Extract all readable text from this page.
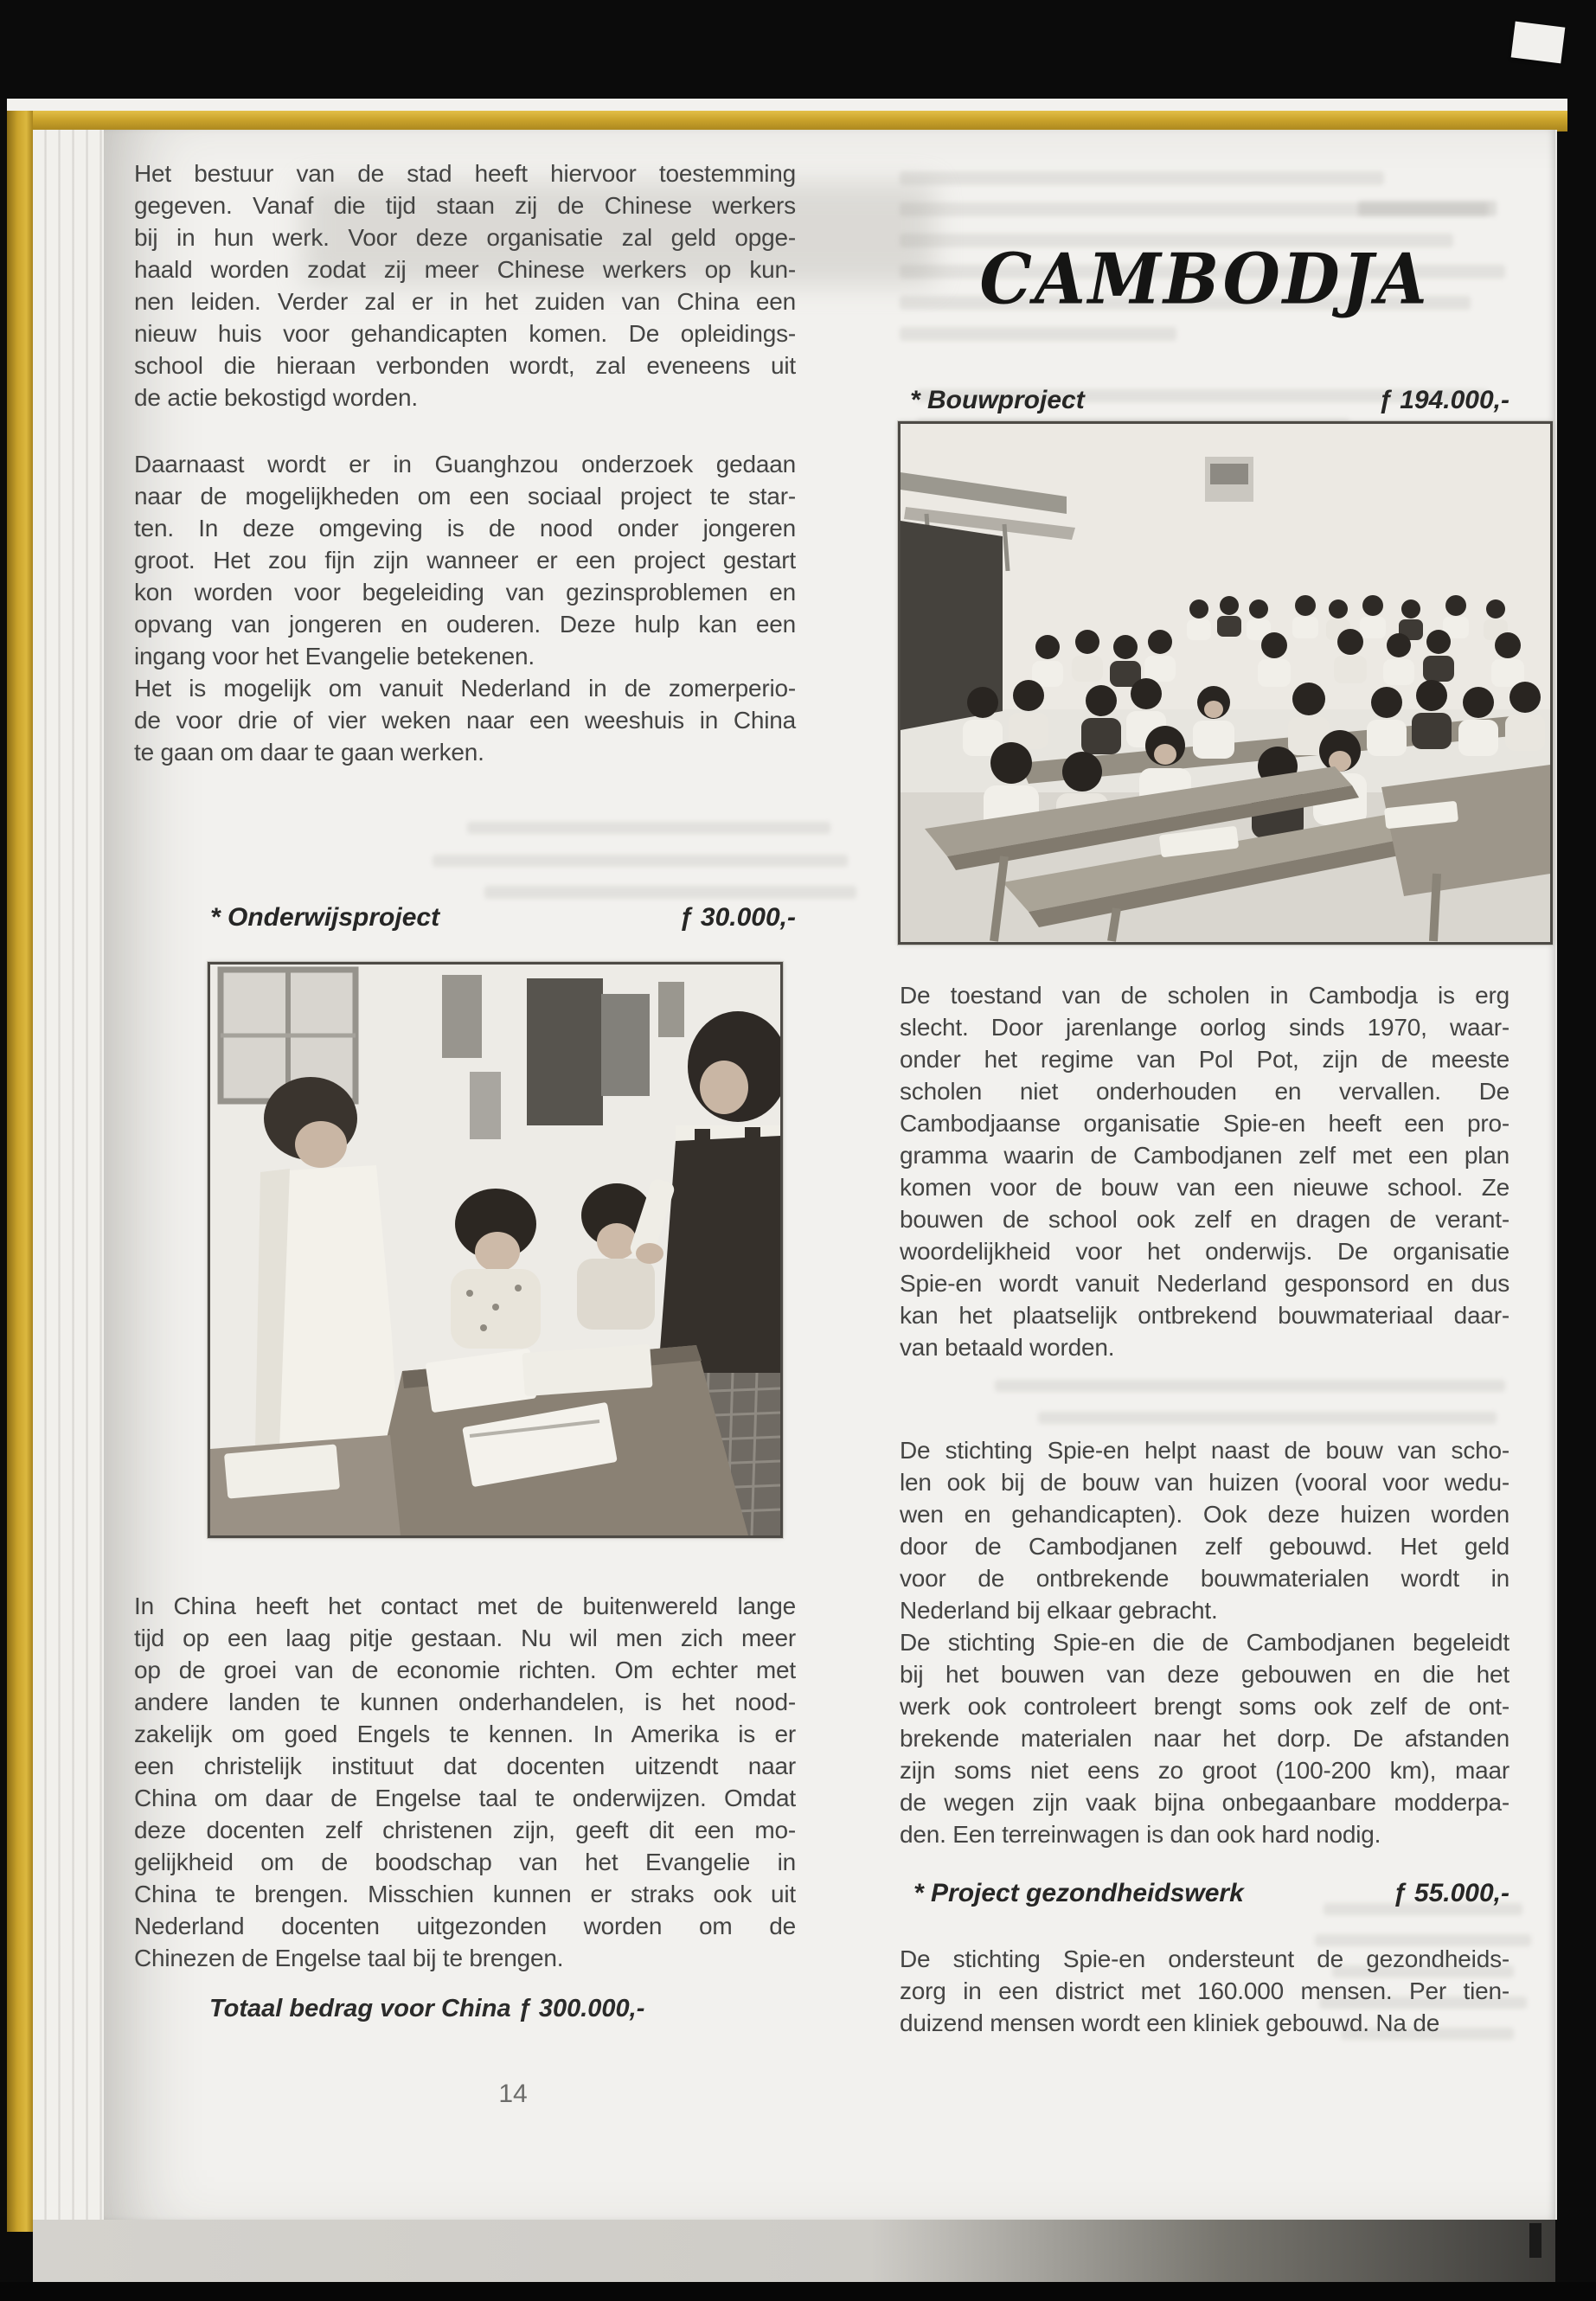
Het bestuur van de stad heeft hiervoor toestemming
gegeven. Vanaf die tijd staan zij de Chinese werkers
bij in hun werk. Voor deze organisatie zal geld opge-
haald worden zodat zij meer Chinese werkers op kun-
nen leiden. Verder zal er in het zuiden van China een
nieuw huis voor gehandicapten komen. De opleidings-
school die hieraan verbonden wordt, zal eveneens uit
de actie bekostigd worden.
Daarnaast wordt er in Guanghzou onderzoek gedaan
naar de mogelijkheden om een sociaal project te star-
ten. In deze omgeving is de nood onder jongeren
groot. Het zou fijn zijn wanneer er een project gestart
kon worden voor begeleiding van gezinsproblemen en
opvang van jongeren en ouderen. Deze hulp kan een
ingang voor het Evangelie betekenen.
Het is mogelijk om vanuit Nederland in de zomerperio-
de voor drie of vier weken naar een weeshuis in China
te gaan om daar te gaan werken.
* Onderwijsproject	ƒ 30.000,-
In China heeft het contact met de buitenwereld lange
tijd op een laag pitje gestaan. Nu wil men zich meer
op de groei van de economie richten. Om echter met
andere landen te kunnen onderhandelen, is het nood-
zakelijk om goed Engels te kennen. In Amerika is er
een christelijk instituut dat docenten uitzendt naar
China om daar de Engelse taal te onderwijzen. Omdat
deze docenten zelf christenen zijn, geeft dit een mo-
gelijkheid om de boodschap van het Evangelie in
China te brengen. Misschien kunnen er straks ook uit
Nederland docenten uitgezonden worden om de
Chinezen de Engelse taal bij te brengen.
Totaal bedrag voor China ƒ 300.000,-
14
CAMBODJA
* Bouwproject	ƒ 194.000,-
De toestand van de scholen in Cambodja is erg
slecht. Door jarenlange oorlog sinds 1970, waar-
onder het regime van Pol Pot, zijn de meeste
scholen niet onderhouden en vervallen. De
Cambodjaanse organisatie Spie-en heeft een pro-
gramma waarin de Cambodjanen zelf met een plan
komen voor de bouw van een nieuwe school. Ze
bouwen de school ook zelf en dragen de verant-
woordelijkheid voor het onderwijs. De organisatie
Spie-en wordt vanuit Nederland gesponsord en dus
kan het plaatselijk ontbrekend bouwmateriaal daar-
van betaald worden.
De stichting Spie-en helpt naast de bouw van scho-
len ook bij de bouw van huizen (vooral voor wedu-
wen en gehandicapten). Ook deze huizen worden
door de Cambodjanen zelf gebouwd. Het geld
voor de ontbrekende bouwmaterialen wordt in
Nederland bij elkaar gebracht.
De stichting Spie-en die de Cambodjanen begeleidt
bij het bouwen van deze gebouwen en die het
werk ook controleert brengt soms ook zelf de ont-
brekende materialen naar het dorp. De afstanden
zijn soms niet eens zo groot (100-200 km), maar
de wegen zijn vaak bijna onbegaanbare modderpa-
den. Een terreinwagen is dan ook hard nodig.
* Project gezondheidswerk	ƒ 55.000,-
De stichting Spie-en ondersteunt de gezondheids-
zorg in een district met 160.000 mensen. Per tien-
duizend mensen wordt een kliniek gebouwd. Na de
